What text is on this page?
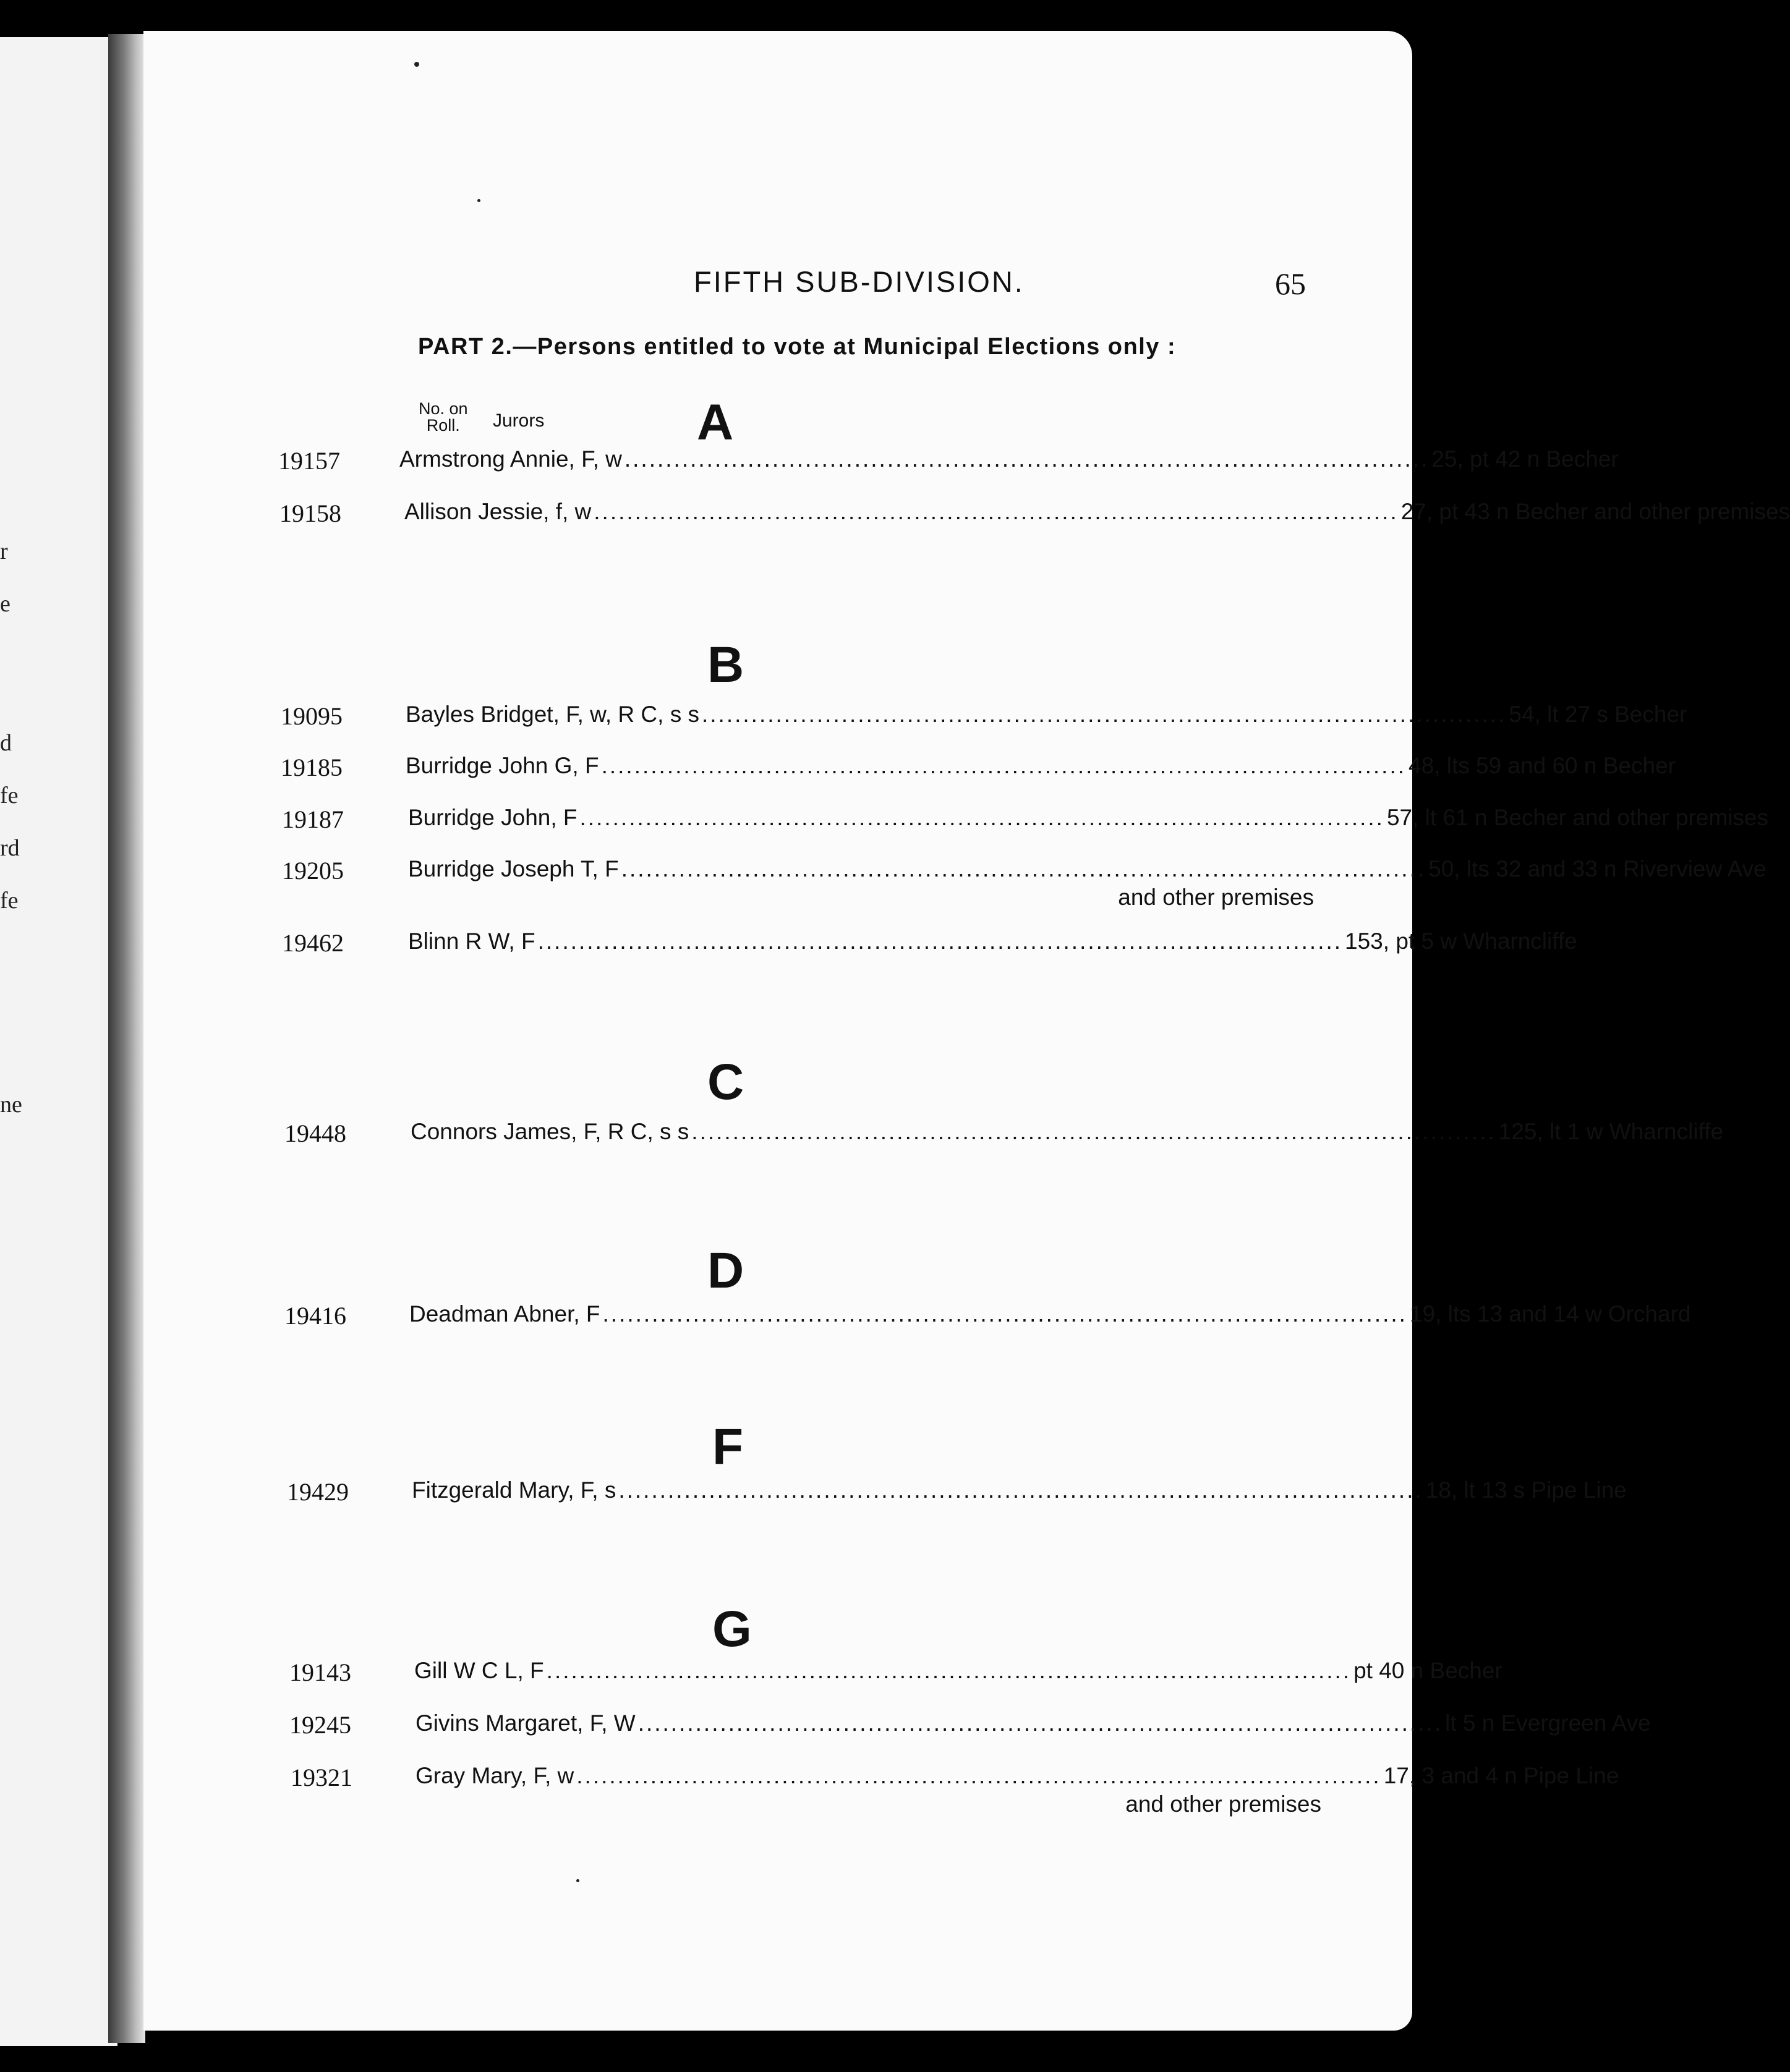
r
e
d
fe
rd
fe
ne
FIFTH SUB-DIVISION.	65
PART 2.—Persons entitled to vote at Municipal Elections only :
No. on
Roll.	Jurors	A
19157	Armstrong Annie, F, w .................................................................................................. 25, pt 42 n Becher
19158	Allison Jessie, f, w .................................................................................................. 27, pt 43 n Becher and other premises
B
19095	Bayles Bridget, F, w, R C, s s .................................................................................................. 54, lt 27 s Becher
19185	Burridge John G, F .................................................................................................. 48, lts 59 and 60 n Becher
19187	Burridge John, F .................................................................................................. 57, lt 61 n Becher and other premises
19205	Burridge Joseph T, F .................................................................................................. 50, lts 32 and 33 n Riverview Ave
and other premises
19462	Blinn R W, F .................................................................................................. 153, pt 5 w Wharncliffe
C
19448	Connors James, F, R C, s s .................................................................................................. 125, lt 1 w Wharncliffe
D
19416	Deadman Abner, F .................................................................................................. 19, lts 13 and 14 w Orchard
F
19429	Fitzgerald Mary, F, s .................................................................................................. 18, lt 13 s Pipe Line
G
19143	Gill W C L, F .................................................................................................. pt 40 n Becher
19245	Givins Margaret, F, W .................................................................................................. lt 5 n Evergreen Ave
19321	Gray Mary, F, w .................................................................................................. 17, 3 and 4 n Pipe Line
and other premises
